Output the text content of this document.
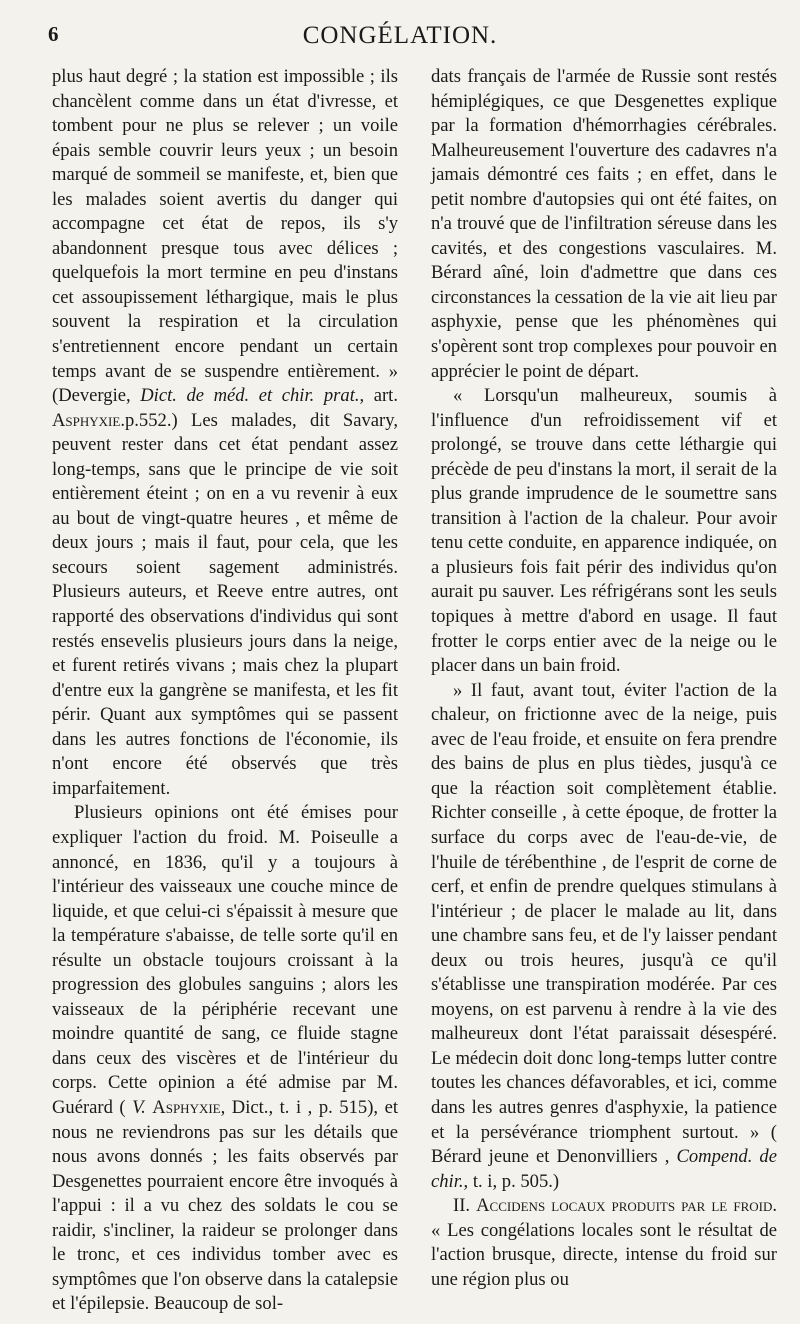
6	CONGÉLATION.

plus haut degré ; la station est impossible ; ils chancèlent comme dans un état d'ivresse, et tombent pour ne plus se relever ; un voile épais semble couvrir leurs yeux ; un besoin marqué de sommeil se manifeste, et, bien que les malades soient avertis du danger qui accompagne cet état de repos, ils s'y abandonnent presque tous avec délices ; quelquefois la mort termine en peu d'instans cet assoupissement léthargique, mais le plus souvent la respiration et la circulation s'entretiennent encore pendant un certain temps avant de se suspendre entièrement. » (Devergie, Dict. de méd. et chir. prat., art. Asphyxie.p.552.) Les malades, dit Savary, peuvent rester dans cet état pendant assez long-temps, sans que le principe de vie soit entièrement éteint ; on en a vu revenir à eux au bout de vingt-quatre heures , et même de deux jours ; mais il faut, pour cela, que les secours soient sagement administrés. Plusieurs auteurs, et Reeve entre autres, ont rapporté des observations d'individus qui sont restés ensevelis plusieurs jours dans la neige, et furent retirés vivans ; mais chez la plupart d'entre eux la gangrène se manifesta, et les fit périr. Quant aux symptômes qui se passent dans les autres fonctions de l'économie, ils n'ont encore été observés que très imparfaitement.

Plusieurs opinions ont été émises pour expliquer l'action du froid. M. Poiseulle a annoncé, en 1836, qu'il y a toujours à l'intérieur des vaisseaux une couche mince de liquide, et que celui-ci s'épaissit à mesure que la température s'abaisse, de telle sorte qu'il en résulte un obstacle toujours croissant à la progression des globules sanguins ; alors les vaisseaux de la périphérie recevant une moindre quantité de sang, ce fluide stagne dans ceux des viscères et de l'intérieur du corps. Cette opinion a été admise par M. Guérard ( V. Asphyxie, Dict., t. i , p. 515), et nous ne reviendrons pas sur les détails que nous avons donnés ; les faits observés par Desgenettes pourraient encore être invoqués à l'appui : il a vu chez des soldats le cou se raidir, s'incliner, la raideur se prolonger dans le tronc, et ces individus tomber avec es symptômes que l'on observe dans la catalepsie et l'épilepsie. Beaucoup de sol-

dats français de l'armée de Russie sont restés hémiplégiques, ce que Desgenettes explique par la formation d'hémorrhagies cérébrales. Malheureusement l'ouverture des cadavres n'a jamais démontré ces faits ; en effet, dans le petit nombre d'autopsies qui ont été faites, on n'a trouvé que de l'infiltration séreuse dans les cavités, et des congestions vasculaires. M. Bérard aîné, loin d'admettre que dans ces circonstances la cessation de la vie ait lieu par asphyxie, pense que les phénomènes qui s'opèrent sont trop complexes pour pouvoir en apprécier le point de départ.

« Lorsqu'un malheureux, soumis à l'influence d'un refroidissement vif et prolongé, se trouve dans cette léthargie qui précède de peu d'instans la mort, il serait de la plus grande imprudence de le soumettre sans transition à l'action de la chaleur. Pour avoir tenu cette conduite, en apparence indiquée, on a plusieurs fois fait périr des individus qu'on aurait pu sauver. Les réfrigérans sont les seuls topiques à mettre d'abord en usage. Il faut frotter le corps entier avec de la neige ou le placer dans un bain froid.

» Il faut, avant tout, éviter l'action de la chaleur, on frictionne avec de la neige, puis avec de l'eau froide, et ensuite on fera prendre des bains de plus en plus tièdes, jusqu'à ce que la réaction soit complètement établie. Richter conseille , à cette époque, de frotter la surface du corps avec de l'eau-de-vie, de l'huile de térébenthine , de l'esprit de corne de cerf, et enfin de prendre quelques stimulans à l'intérieur ; de placer le malade au lit, dans une chambre sans feu, et de l'y laisser pendant deux ou trois heures, jusqu'à ce qu'il s'établisse une transpiration modérée. Par ces moyens, on est parvenu à rendre à la vie des malheureux dont l'état paraissait désespéré. Le médecin doit donc long-temps lutter contre toutes les chances défavorables, et ici, comme dans les autres genres d'asphyxie, la patience et la persévérance triomphent surtout. » ( Bérard jeune et Denonvilliers , Compend. de chir., t. i, p. 505.)

II. Accidens locaux produits par le froid. « Les congélations locales sont le résultat de l'action brusque, directe, intense du froid sur une région plus ou
